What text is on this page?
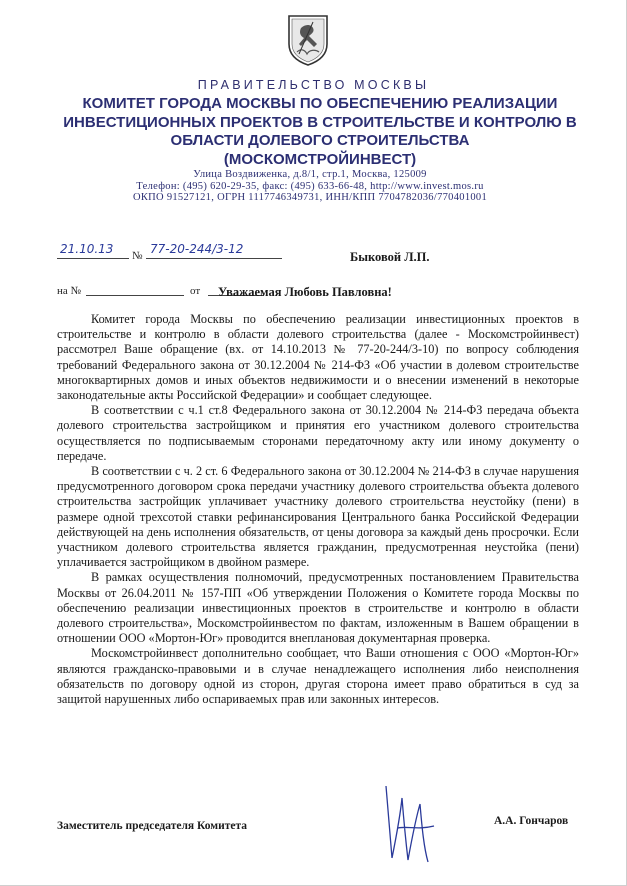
ПРАВИТЕЛЬСТВО МОСКВЫ
КОМИТЕТ ГОРОДА МОСКВЫ ПО ОБЕСПЕЧЕНИЮ РЕАЛИЗАЦИИ
ИНВЕСТИЦИОННЫХ ПРОЕКТОВ В СТРОИТЕЛЬСТВЕ И КОНТРОЛЮ В
ОБЛАСТИ ДОЛЕВОГО СТРОИТЕЛЬСТВА
(МОСКОМСТРОЙИНВЕСТ)
Улица Воздвиженка, д.8/1, стр.1, Москва, 125009
Телефон: (495) 620-29-35, факс: (495) 633-66-48, http://www.invest.mos.ru
ОКПО 91527121, ОГРН 1117746349731, ИНН/КПП 7704782036/770401001
21.10.13 № 77-20-244/3-12
на №	от
Быковой Л.П.
Уважаемая Любовь Павловна!

Комитет города Москвы по обеспечению реализации инвестиционных проектов в строительстве и контролю в области долевого строительства (далее - Москомстройинвест) рассмотрел Ваше обращение (вх. от 14.10.2013 № 77-20-244/3-10) по вопросу соблюдения требований Федерального закона от 30.12.2004 № 214-ФЗ «Об участии в долевом строительстве многоквартирных домов и иных объектов недвижимости и о внесении изменений в некоторые законодательные акты Российской Федерации» и сообщает следующее.

В соответствии с ч.1 ст.8 Федерального закона от 30.12.2004 № 214-ФЗ передача объекта долевого строительства застройщиком и принятия его участником долевого строительства осуществляется по подписываемым сторонами передаточному акту или иному документу о передаче.

В соответствии с ч. 2 ст. 6 Федерального закона от 30.12.2004 № 214-ФЗ в случае нарушения предусмотренного договором срока передачи участнику долевого строительства объекта долевого строительства застройщик уплачивает участнику долевого строительства неустойку (пени) в размере одной трехсотой ставки рефинансирования Центрального банка Российской Федерации действующей на день исполнения обязательств, от цены договора за каждый день просрочки. Если участником долевого строительства является гражданин, предусмотренная неустойка (пени) уплачивается застройщиком в двойном размере.

В рамках осуществления полномочий, предусмотренных постановлением Правительства Москвы от 26.04.2011 № 157-ПП «Об утверждении Положения о Комитете города Москвы по обеспечению реализации инвестиционных проектов в строительстве и контролю в области долевого строительства», Москомстройинвестом по фактам, изложенным в Вашем обращении в отношении ООО «Мортон-Юг» проводится внеплановая документарная проверка.

Москомстройинвест дополнительно сообщает, что Ваши отношения с ООО «Мортон-Юг» являются гражданско-правовыми и в случае ненадлежащего исполнения либо неисполнения обязательств по договору одной из сторон, другая сторона имеет право обратиться в суд за защитой нарушенных либо оспариваемых прав или законных интересов.

Заместитель председателя Комитета	А.А. Гончаров
